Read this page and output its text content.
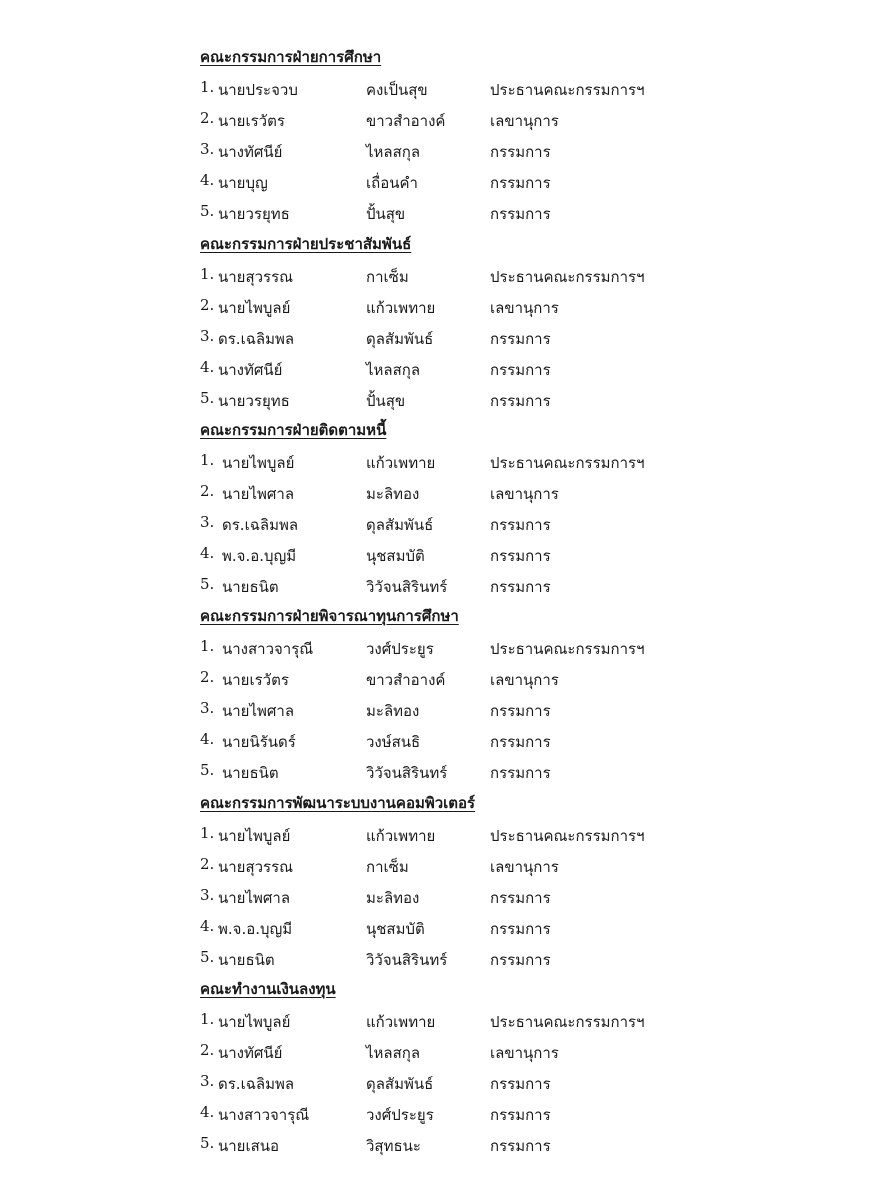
คณะกรรมการฝ่ายการศึกษา
1. นายประจวบ	คงเป็นสุข	ประธานคณะกรรมการฯ
2. นายเรวัตร	ขาวสำอางค์	เลขานุการ
3. นางทัศนีย์	ไหลสกุล	กรรมการ
4. นายบุญ	เถื่อนคำ	กรรมการ
5. นายวรยุทธ	ปั้นสุข	กรรมการ
คณะกรรมการฝ่ายประชาสัมพันธ์
1. นายสุวรรณ	กาเซ็ม	ประธานคณะกรรมการฯ
2. นายไพบูลย์	แก้วเพทาย	เลขานุการ
3. ดร.เฉลิมพล	ดุลสัมพันธ์	กรรมการ
4. นางทัศนีย์	ไหลสกุล	กรรมการ
5. นายวรยุทธ	ปั้นสุข	กรรมการ
คณะกรรมการฝ่ายติดตามหนี้
1. นายไพบูลย์	แก้วเพทาย	ประธานคณะกรรมการฯ
2. นายไพศาล	มะลิทอง	เลขานุการ
3. ดร.เฉลิมพล	ดุลสัมพันธ์	กรรมการ
4. พ.จ.อ.บุญมี	นุชสมบัติ	กรรมการ
5. นายธนิต	วิวัจนสิรินทร์	กรรมการ
คณะกรรมการฝ่ายพิจารณาทุนการศึกษา
1. นางสาวจารุณี	วงศ์ประยูร	ประธานคณะกรรมการฯ
2. นายเรวัตร	ขาวสำอางค์	เลขานุการ
3. นายไพศาล	มะลิทอง	กรรมการ
4. นายนิรันดร์	วงษ์สนธิ	กรรมการ
5. นายธนิต	วิวัจนสิรินทร์	กรรมการ
คณะกรรมการพัฒนาระบบงานคอมพิวเตอร์
1. นายไพบูลย์	แก้วเพทาย	ประธานคณะกรรมการฯ
2. นายสุวรรณ	กาเซ็ม	เลขานุการ
3. นายไพศาล	มะลิทอง	กรรมการ
4. พ.จ.อ.บุญมี	นุชสมบัติ	กรรมการ
5. นายธนิต	วิวัจนสิรินทร์	กรรมการ
คณะทำงานเงินลงทุน
1. นายไพบูลย์	แก้วเพทาย	ประธานคณะกรรมการฯ
2. นางทัศนีย์	ไหลสกุล	เลขานุการ
3. ดร.เฉลิมพล	ดุลสัมพันธ์	กรรมการ
4. นางสาวจารุณี	วงศ์ประยูร	กรรมการ
5. นายเสนอ	วิสุทธนะ	กรรมการ
